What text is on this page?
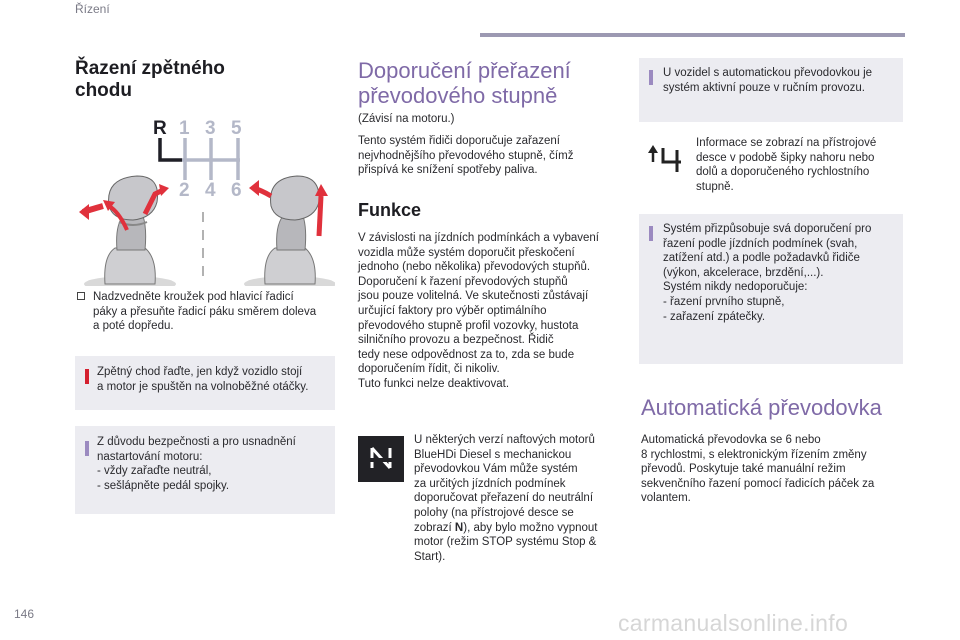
Řízení
Řazení zpětného
chodu
R 1 3 5
2 4 6
Nadzvedněte kroužek pod hlavicí řadicí
páky a přesuňte řadicí páku směrem doleva
a poté dopředu.
Zpětný chod řaďte, jen když vozidlo stojí
a motor je spuštěn na volnoběžné otáčky.
Z důvodu bezpečnosti a pro usnadnění
nastartování motoru:
- vždy zařaďte neutrál,
- sešlápněte pedál spojky.
Doporučení přeřazení
převodového stupně
(Závisí na motoru.)
Tento systém řidiči doporučuje zařazení
nejvhodnějšího převodového stupně, čímž
přispívá ke snížení spotřeby paliva.
Funkce
V závislosti na jízdních podmínkách a vybavení
vozidla může systém doporučit přeskočení
jednoho (nebo několika) převodových stupňů.
Doporučení k řazení převodových stupňů
jsou pouze volitelná. Ve skutečnosti zůstávají
určující faktory pro výběr optimálního
převodového stupně profil vozovky, hustota
silničního provozu a bezpečnost. Řidič
tedy nese odpovědnost za to, zda se bude
doporučením řídit, či nikoliv.
Tuto funkci nelze deaktivovat.
U některých verzí naftových motorů
BlueHDi Diesel s mechanickou
převodovkou Vám může systém
za určitých jízdních podmínek
doporučovat přeřazení do neutrální
polohy (na přístrojové desce se
zobrazí N), aby bylo možno vypnout
motor (režim STOP systému Stop &
Start).
U vozidel s automatickou převodovkou je
systém aktivní pouze v ručním provozu.
Informace se zobrazí na přístrojové
desce v podobě šipky nahoru nebo
dolů a doporučeného rychlostního
stupně.
Systém přizpůsobuje svá doporučení pro
řazení podle jízdních podmínek (svah,
zatížení atd.) a podle požadavků řidiče
(výkon, akcelerace, brzdění,...).
Systém nikdy nedoporučuje:
- řazení prvního stupně,
- zařazení zpátečky.
Automatická převodovka
Automatická převodovka se 6 nebo
8 rychlostmi, s elektronickým řízením změny
převodů. Poskytuje také manuální režim
sekvenčního řazení pomocí řadicích páček za
volantem.
146	carmanualsonline.info
